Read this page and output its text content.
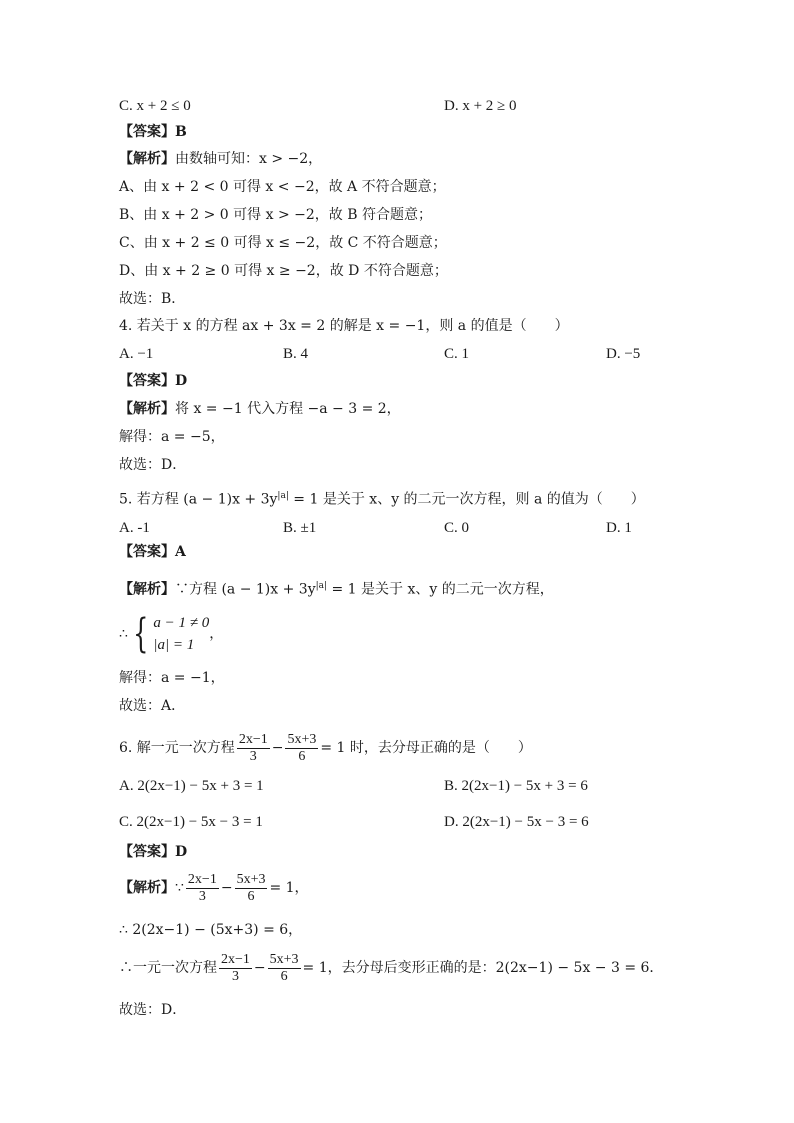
C. x + 2 ≤ 0	D. x + 2 ≥ 0
【答案】B
【解析】由数轴可知：x > −2，
A、由 x + 2 < 0 可得 x < −2，故 A 不符合题意；
B、由 x + 2 > 0 可得 x > −2，故 B 符合题意；
C、由 x + 2 ≤ 0 可得 x ≤ −2，故 C 不符合题意；
D、由 x + 2 ≥ 0 可得 x ≥ −2，故 D 不符合题意；
故选：B．
4. 若关于 x 的方程 ax + 3x = 2 的解是 x = −1，则 a 的值是（　　）
A. −1	B. 4	C. 1	D. −5
【答案】D
【解析】将 x = −1 代入方程 −a − 3 = 2，
解得：a = −5，
故选：D．
5. 若方程 $(a - 1)x + 3y^{|a|} = 1$ 是关于 x、y 的二元一次方程，则 a 的值为（　　）
A. -1	B. ±1	C. 0	D. 1
【答案】A
【解析】∵方程 $(a - 1)x + 3y^{|a|} = 1$ 是关于 x、y 的二元一次方程，
∴ { a − 1 ≠ 0
|a| = 1
，
解得：a = −1，
故选：A．
6. 解一元一次方程 $\frac{2x-1}{3} - \frac{5x+3}{6} = 1$ 时，去分母正确的是（　　）
A. 2(2x−1) − 5x + 3 = 1	B. 2(2x−1) − 5x + 3 = 6
C. 2(2x−1) − 5x − 3 = 1	D. 2(2x−1) − 5x − 3 = 6
【答案】D
【解析】∵ $\frac{2x-1}{3} - \frac{5x+3}{6} = 1$，
∴ 2(2x−1) − (5x+3) = 6，
∴一元一次方程 $\frac{2x-1}{3} - \frac{5x+3}{6} = 1$，去分母后变形正确的是：2(2x−1) − 5x − 3 = 6．
故选：D．
